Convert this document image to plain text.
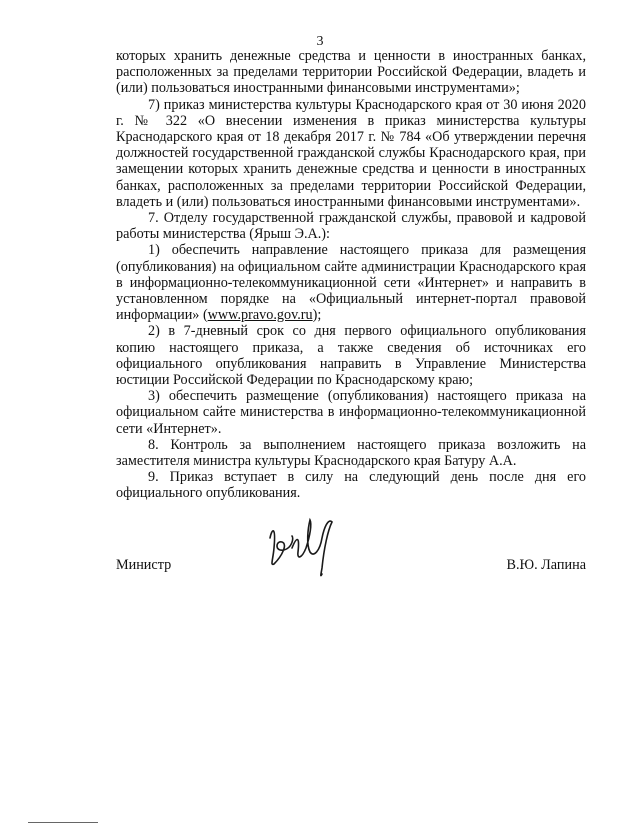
3

которых хранить денежные средства и ценности в иностранных банках, расположенных за пределами территории Российской Федерации, владеть и (или) пользоваться иностранными финансовыми инструментами»;

7) приказ министерства культуры Краснодарского края от 30 июня 2020 г. № 322 «О внесении изменения в приказ министерства культуры Краснодарского края от 18 декабря 2017 г. № 784 «Об утверждении перечня должностей государственной гражданской службы Краснодарского края, при замещении которых хранить денежные средства и ценности в иностранных банках, расположенных за пределами территории Российской Федерации, владеть и (или) пользоваться иностранными финансовыми инструментами».

7. Отделу государственной гражданской службы, правовой и кадровой работы министерства (Ярыш Э.А.):

1) обеспечить направление настоящего приказа для размещения (опубликования) на официальном сайте администрации Краснодарского края в информационно-телекоммуникационной сети «Интернет» и направить в установленном порядке на «Официальный интернет-портал правовой информации» (www.pravo.gov.ru);

2) в 7-дневный срок со дня первого официального опубликования копию настоящего приказа, а также сведения об источниках его официального опубликования направить в Управление Министерства юстиции Российской Федерации по Краснодарскому краю;

3) обеспечить размещение (опубликования) настоящего приказа на официальном сайте министерства в информационно-телекоммуникационной сети «Интернет».

8. Контроль за выполнением настоящего приказа возложить на заместителя министра культуры Краснодарского края Батуру А.А.

9. Приказ вступает в силу на следующий день после дня его официального опубликования.

Министр	В.Ю. Лапина
